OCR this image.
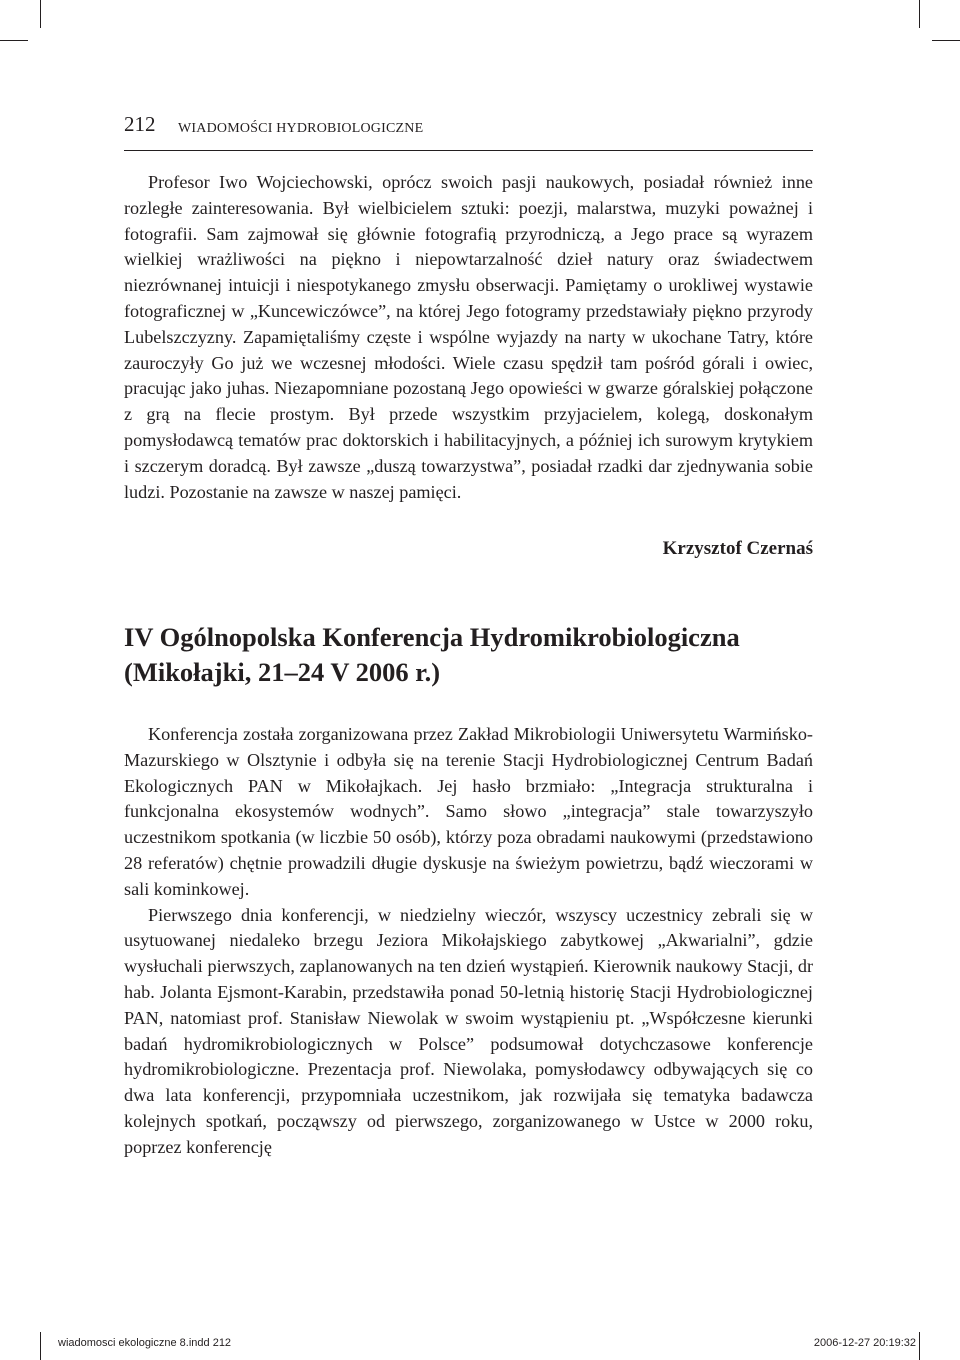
212 WIADOMOŚCI HYDROBIOLOGICZNE

Profesor Iwo Wojciechowski, oprócz swoich pasji naukowych, posiadał również inne rozległe zainteresowania. Był wielbicielem sztuki: poezji, malarstwa, muzyki poważnej i fotografii. Sam zajmował się głównie fotografią przyrodniczą, a Jego prace są wyrazem wielkiej wrażliwości na piękno i niepowtarzalność dzieł natury oraz świadectwem niezrównanej intuicji i niespotykanego zmysłu obserwacji. Pamiętamy o urokliwej wystawie fotograficznej w „Kuncewiczówce”, na której Jego fotogramy przedstawiały piękno przyrody Lubelszczyzny. Zapamiętaliśmy częste i wspólne wyjazdy na narty w ukochane Tatry, które zauroczyły Go już we wczesnej młodości. Wiele czasu spędził tam pośród górali i owiec, pracując jako juhas. Niezapomniane pozostaną Jego opowieści w gwarze góralskiej połączone z grą na flecie prostym. Był przede wszystkim przyjacielem, kolegą, doskonałym pomysłodawcą tematów prac doktorskich i habilitacyjnych, a później ich surowym krytykiem i szczerym doradcą. Był zawsze „duszą towarzystwa”, posiadał rzadki dar zjednywania sobie ludzi. Pozostanie na zawsze w naszej pamięci.

Krzysztof Czernaś
IV Ogólnopolska Konferencja Hydromikrobiologiczna
(Mikołajki, 21–24 V 2006 r.)

Konferencja została zorganizowana przez Zakład Mikrobiologii Uniwersytetu Warmińsko-Mazurskiego w Olsztynie i odbyła się na terenie Stacji Hydrobiologicznej Centrum Badań Ekologicznych PAN w Mikołajkach. Jej hasło brzmiało: „Integracja strukturalna i funkcjonalna ekosystemów wodnych”. Samo słowo „integracja” stale towarzyszyło uczestnikom spotkania (w liczbie 50 osób), którzy poza obradami naukowymi (przedstawiono 28 referatów) chętnie prowadzili długie dyskusje na świeżym powietrzu, bądź wieczorami w sali kominkowej.

Pierwszego dnia konferencji, w niedzielny wieczór, wszyscy uczestnicy zebrali się w usytuowanej niedaleko brzegu Jeziora Mikołajskiego zabytkowej „Akwarialni”, gdzie wysłuchali pierwszych, zaplanowanych na ten dzień wystąpień. Kierownik naukowy Stacji, dr hab. Jolanta Ejsmont-Karabin, przedstawiła ponad 50-letnią historię Stacji Hydrobiologicznej PAN, natomiast prof. Stanisław Niewolak w swoim wystąpieniu pt. „Współczesne kierunki badań hydromikrobiologicznych w Polsce” podsumował dotychczasowe konferencje hydromikrobiologiczne. Prezentacja prof. Niewolaka, pomysłodawcy odbywających się co dwa lata konferencji, przypomniała uczestnikom, jak rozwijała się tematyka badawcza kolejnych spotkań, począwszy od pierwszego, zorganizowanego w Ustce w 2000 roku, poprzez konferencję

wiadomosci ekologiczne 8.indd 212	2006-12-27 20:19:32
